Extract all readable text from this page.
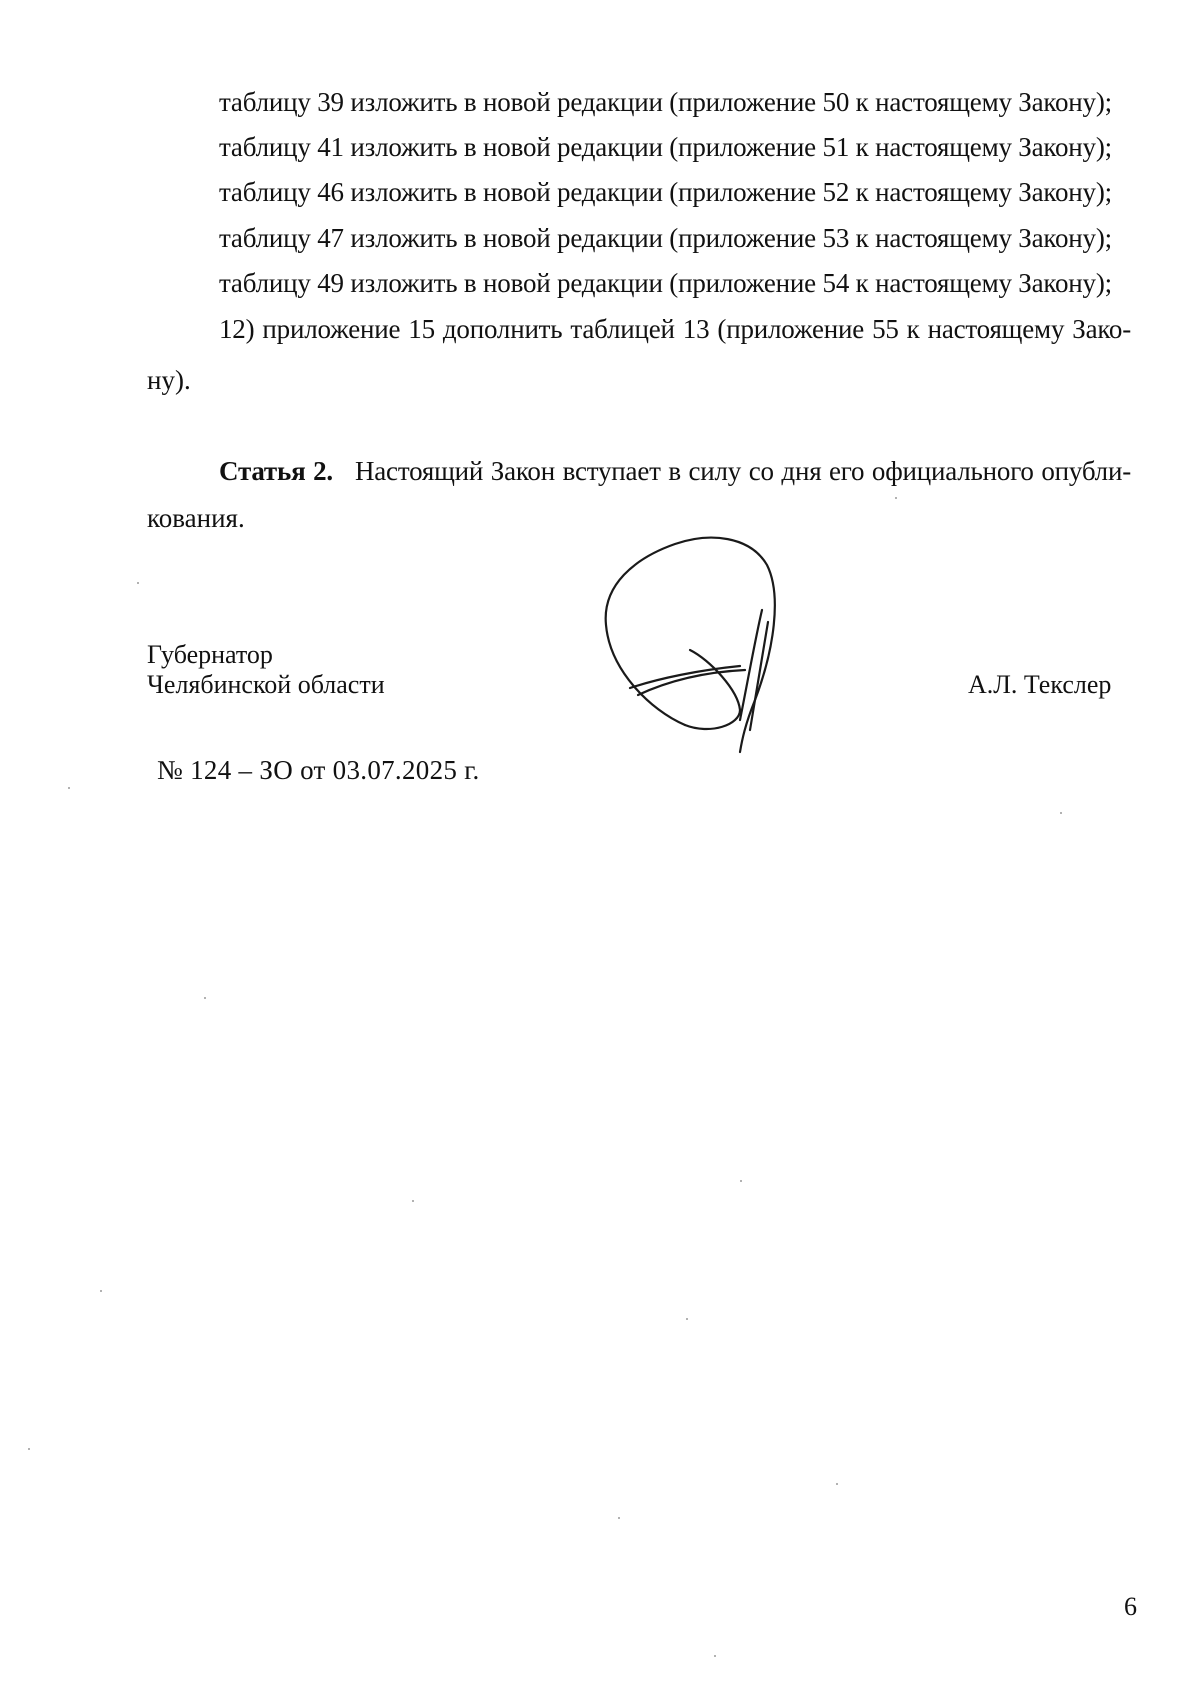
таблицу 39 изложить в новой редакции (приложение 50 к настоящему Закону);
таблицу 41 изложить в новой редакции (приложение 51 к настоящему Закону);
таблицу 46 изложить в новой редакции (приложение 52 к настоящему Закону);
таблицу 47 изложить в новой редакции (приложение 53 к настоящему Закону);
таблицу 49 изложить в новой редакции (приложение 54 к настоящему Закону);
12) приложение 15 дополнить таблицей 13 (приложение 55 к настоящему Зако-
ну).
Статья 2. Настоящий Закон вступает в силу со дня его официального опубли-
кования.
Губернатор
Челябинской области	А.Л. Текслер
№ 124 – ЗО от 03.07.2025 г.
6
